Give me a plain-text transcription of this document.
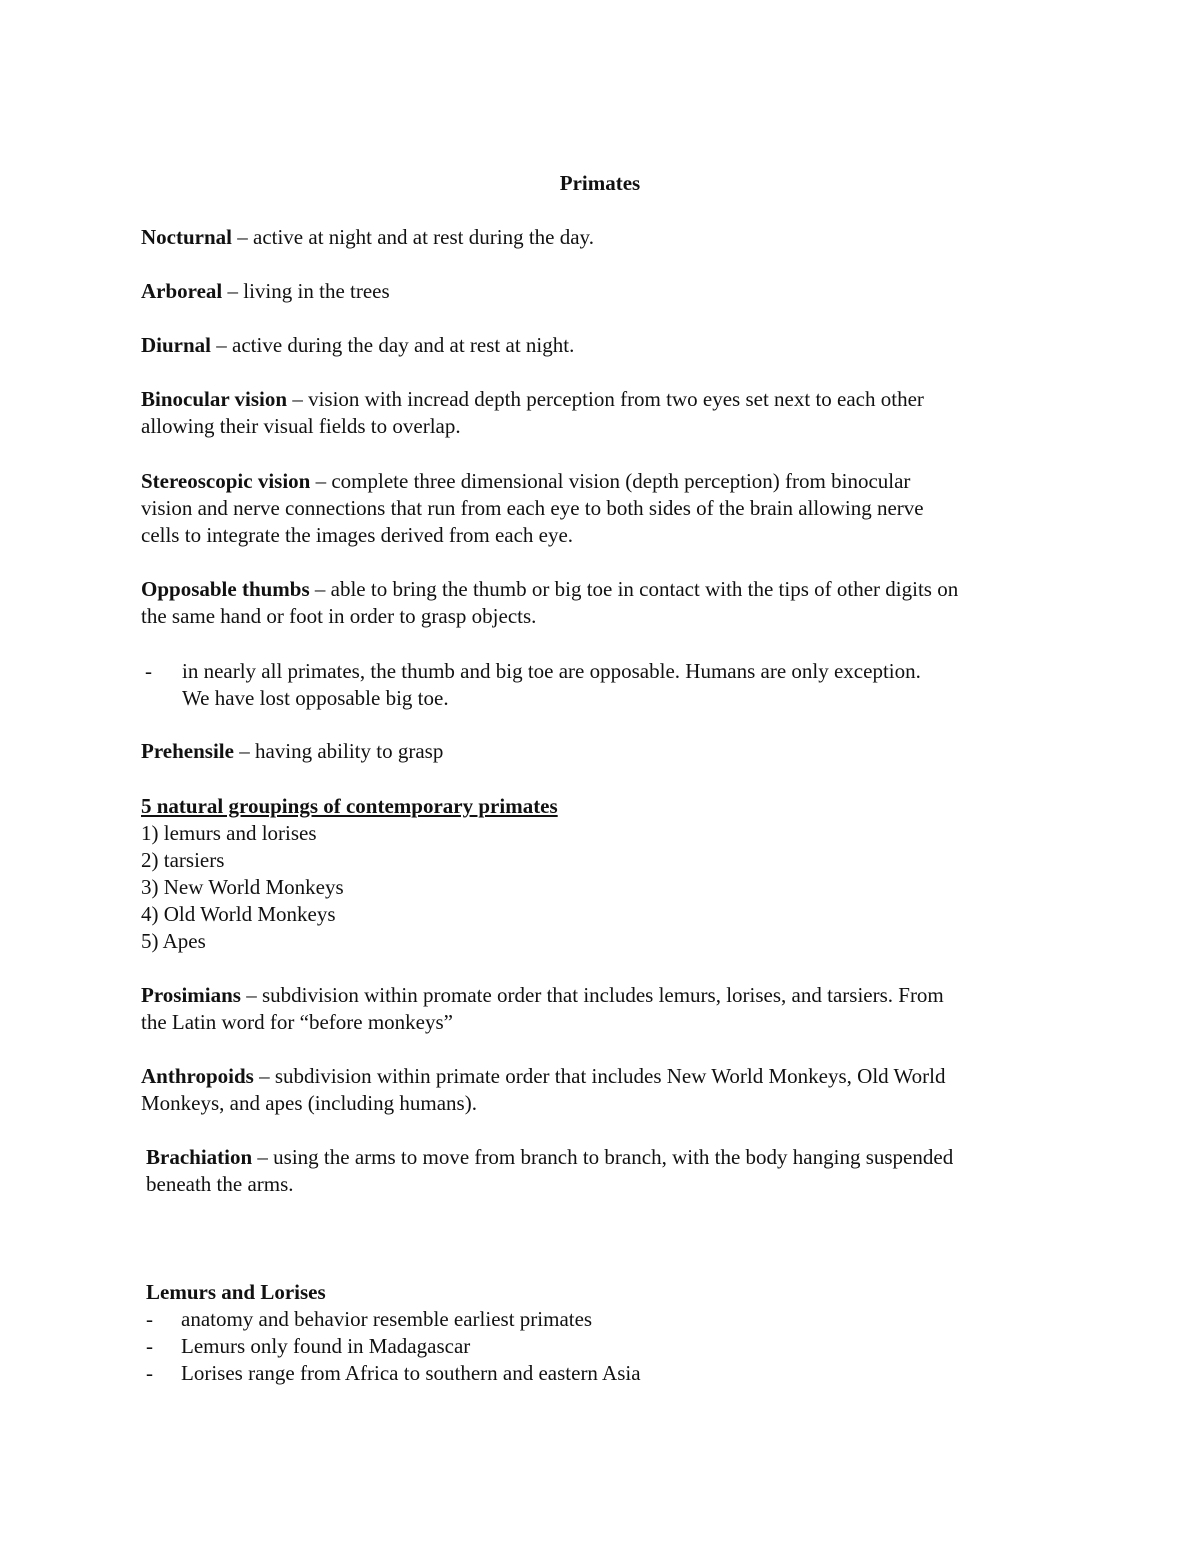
Primates
Nocturnal – active at night and at rest during the day.
Arboreal – living in the trees
Diurnal – active during the day and at rest at night.
Binocular vision – vision with incread depth perception from two eyes set next to each other
allowing their visual fields to overlap.
Stereoscopic vision – complete three dimensional vision (depth perception) from binocular
vision and nerve connections that run from each eye to both sides of the brain allowing nerve
cells to integrate the images derived from each eye.
Opposable thumbs – able to bring the thumb or big toe in contact with the tips of other digits on
the same hand or foot in order to grasp objects.
- in nearly all primates, the thumb and big toe are opposable. Humans are only exception.
We have lost opposable big toe.
Prehensile – having ability to grasp
5 natural groupings of contemporary primates
1) lemurs and lorises
2) tarsiers
3) New World Monkeys
4) Old World Monkeys
5) Apes
Prosimians – subdivision within promate order that includes lemurs, lorises, and tarsiers. From
the Latin word for “before monkeys”
Anthropoids – subdivision within primate order that includes New World Monkeys, Old World
Monkeys, and apes (including humans).
Brachiation – using the arms to move from branch to branch, with the body hanging suspended
beneath the arms.
Lemurs and Lorises
- anatomy and behavior resemble earliest primates
- Lemurs only found in Madagascar
- Lorises range from Africa to southern and eastern Asia
